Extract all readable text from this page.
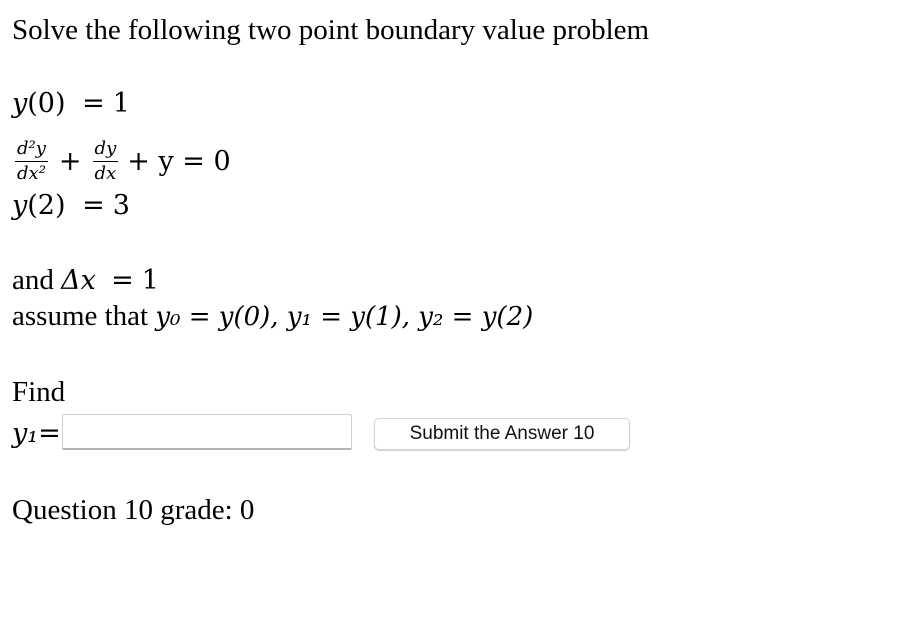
Solve the following two point boundary value problem
y(0) = 1
$\frac{\text{d²y}}{\text{dx²}} + \frac{dy}{dx} + y = 0$
y(2) = 3
and Δx = 1
assume that y₀ = y(0), y₁ = y(1), y₂ = y(2)
Find
y₁=	Submit the Answer 10
Question 10 grade: 0
